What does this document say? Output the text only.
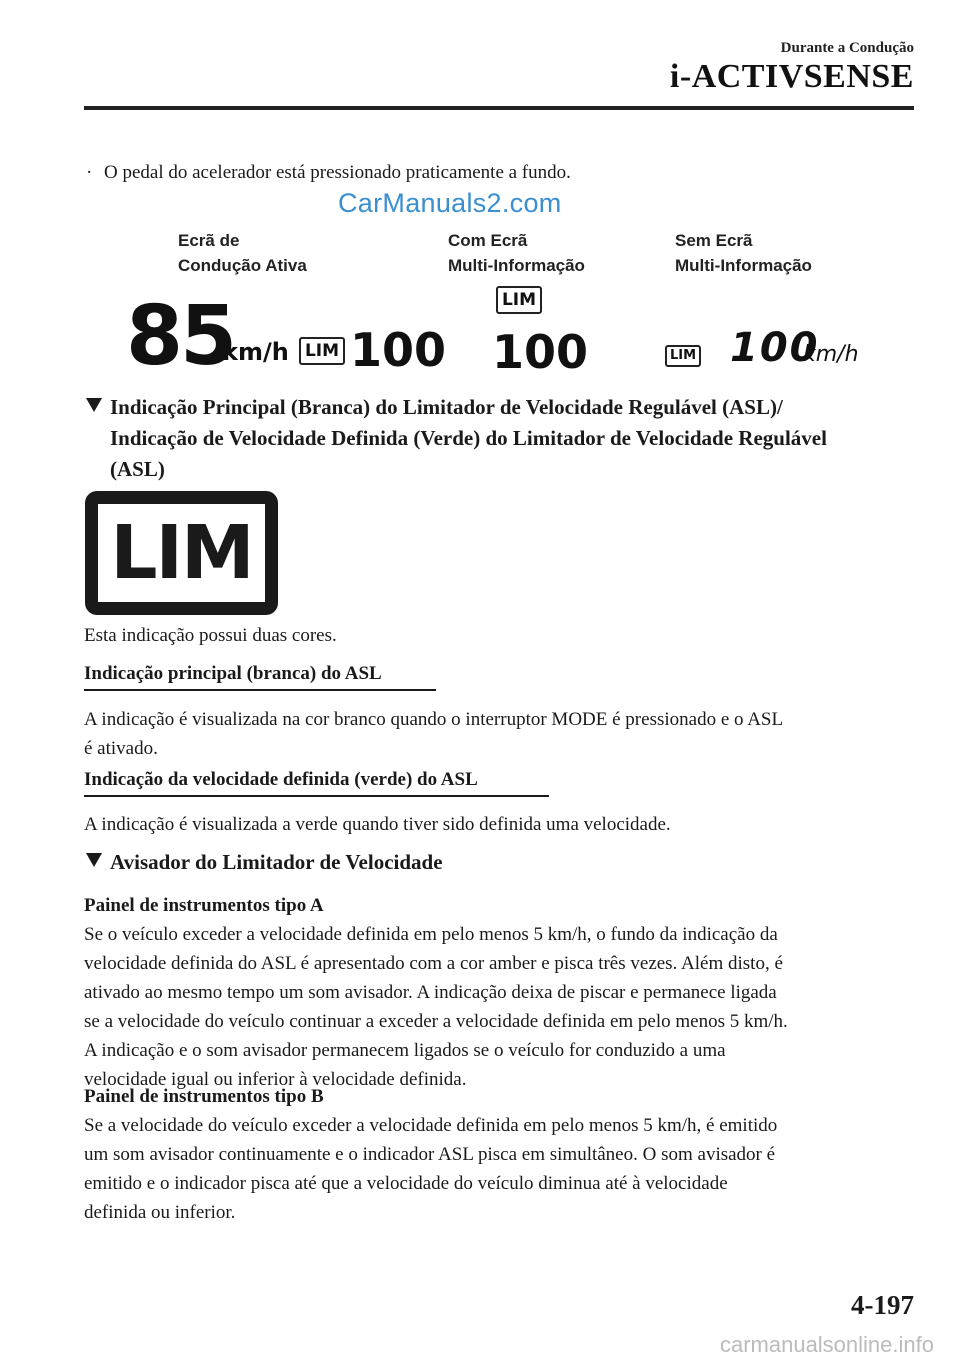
Durante a Condução
i-ACTIVSENSE
· O pedal do acelerador está pressionado praticamente a fundo.
CarManuals2.com
Ecrã de
Condução Ativa
Com Ecrã
Multi-Informação
Sem Ecrã
Multi-Informação
85
km/h LIM 100
LIM
100	LIM 100
km/h
Indicação Principal (Branca) do Limitador de Velocidade Regulável (ASL)/
Indicação de Velocidade Definida (Verde) do Limitador de Velocidade Regulável
(ASL)
LIM
Esta indicação possui duas cores.
Indicação principal (branca) do ASL
A indicação é visualizada na cor branco quando o interruptor MODE é pressionado e o ASL
é ativado.
Indicação da velocidade definida (verde) do ASL
A indicação é visualizada a verde quando tiver sido definida uma velocidade.
Avisador do Limitador de Velocidade
Painel de instrumentos tipo A
Se o veículo exceder a velocidade definida em pelo menos 5 km/h, o fundo da indicação da
velocidade definida do ASL é apresentado com a cor amber e pisca três vezes. Além disto, é
ativado ao mesmo tempo um som avisador. A indicação deixa de piscar e permanece ligada
se a velocidade do veículo continuar a exceder a velocidade definida em pelo menos 5 km/h.
A indicação e o som avisador permanecem ligados se o veículo for conduzido a uma
velocidade igual ou inferior à velocidade definida.
Painel de instrumentos tipo B
Se a velocidade do veículo exceder a velocidade definida em pelo menos 5 km/h, é emitido
um som avisador continuamente e o indicador ASL pisca em simultâneo. O som avisador é
emitido e o indicador pisca até que a velocidade do veículo diminua até à velocidade
definida ou inferior.
4-197
carmanualsonline.info
